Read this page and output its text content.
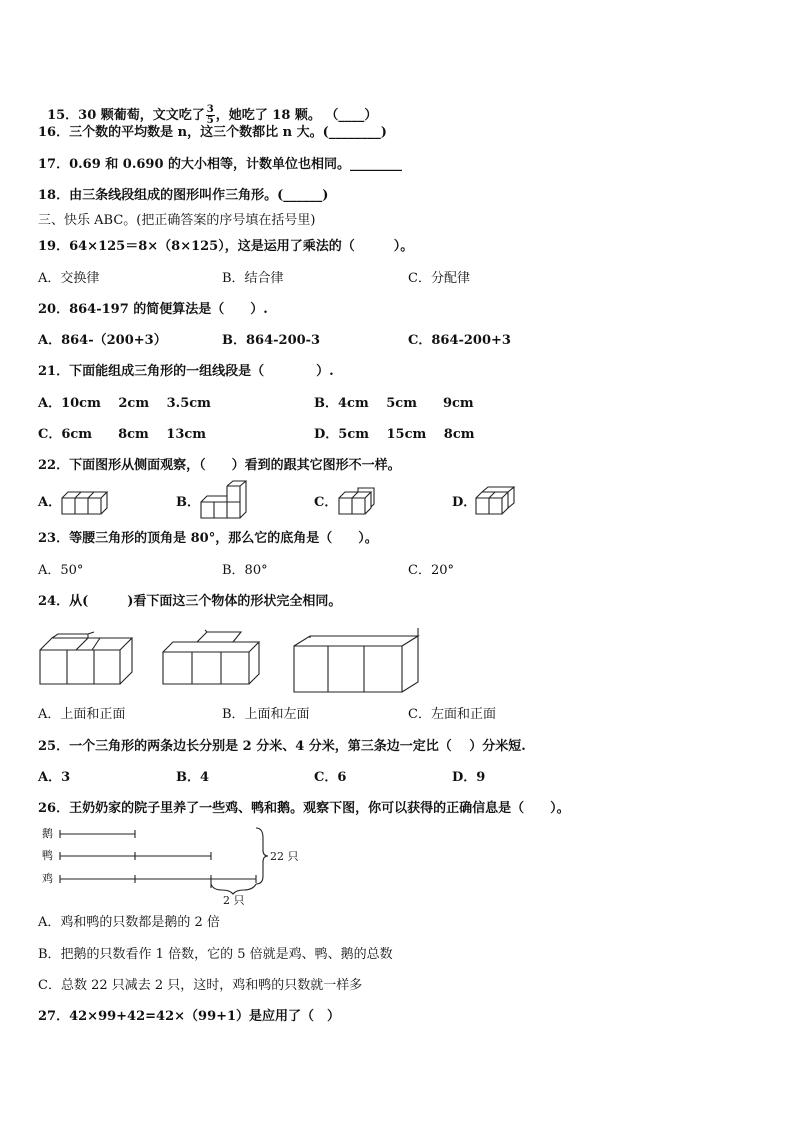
15．30 颗葡萄，文文吃了 $\frac{3}{5}$ ，她吃了 18 颗。 （____）

16．三个数的平均数是 n，这三个数都比 n 大。(________)
17．0.69 和 0.690 的大小相等，计数单位也相同。________
18．由三条线段组成的图形叫作三角形。(______)
三、快乐 ABC。(把正确答案的序号填在括号里)
19．64×125＝8×（8×125），这是运用了乘法的（　　　）。
A．交换律	B．结合律	C．分配律
20．864-197 的简便算法是（　　）.
A．864-（200+3）	B．864-200-3	C．864-200+3
21．下面能组成三角形的一组线段是（　　　　）.
A．10cm　 2cm　 3.5cm	B．4cm　 5cm　　9cm
C．6cm　　8cm　 13cm	D．5cm　 15cm　 8cm
22．下面图形从侧面观察，（　　）看到的跟其它图形不一样。
A．	B．	C．	D．
23．等腰三角形的顶角是 80°，那么它的底角是（　　）。
A．50°	B．80°	C．20°
24．从(　　　)看下面这三个物体的形状完全相同。
A．上面和正面	B．上面和左面	C．左面和正面
25．一个三角形的两条边长分别是 2 分米、4 分米，第三条边一定比（　 ）分米短.
A．3	B．4	C．6	D．9
26．王奶奶家的院子里养了一些鸡、鸭和鹅。观察下图，你可以获得的正确信息是（　　）。
鹅
鸭
鸡
22 只
2 只
A．鸡和鸭的只数都是鹅的 2 倍
B．把鹅的只数看作 1 倍数，它的 5 倍就是鸡、鸭、鹅的总数
C．总数 22 只减去 2 只，这时，鸡和鸭的只数就一样多
27．42×99+42=42×（99+1）是应用了（　）
